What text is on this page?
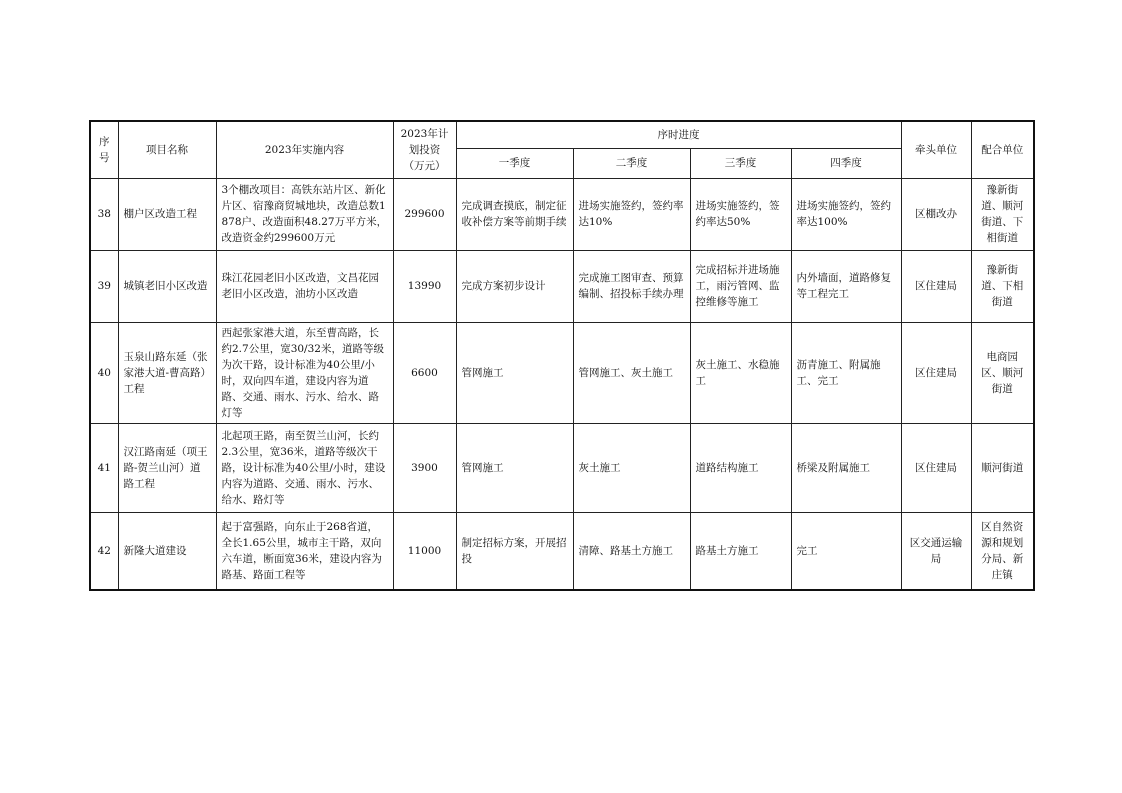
序号	项目名称	2023年实施内容	2023年计划投资（万元）	序时进度				牵头单位	配合单位
				一季度	二季度	三季度	四季度		
38	棚户区改造工程	3个棚改项目：高铁东站片区、新化片区、宿豫商贸城地块，改造总数1878户、改造面积48.27万平方米，改造资金约299600万元	299600	完成调查摸底，制定征收补偿方案等前期手续	进场实施签约，签约率达10%	进场实施签约，签约率达50%	进场实施签约，签约率达100%	区棚改办	豫新街道、顺河街道、下相街道
39	城镇老旧小区改造	珠江花园老旧小区改造，文昌花园老旧小区改造，油坊小区改造	13990	完成方案初步设计	完成施工图审查、预算编制、招投标手续办理	完成招标并进场施工，雨污管网、监控维修等施工	内外墙面，道路修复等工程完工	区住建局	豫新街道、下相街道
40	玉泉山路东延（张家港大道-曹高路）工程	西起张家港大道，东至曹高路，长约2.7公里，宽30/32米，道路等级为次干路，设计标准为40公里/小时，双向四车道，建设内容为道路、交通、雨水、污水、给水、路灯等	6600	管网施工	管网施工、灰土施工	灰土施工、水稳施工	沥青施工、附属施工、完工	区住建局	电商园区、顺河街道
41	汉江路南延（项王路-贺兰山河）道路工程	北起项王路，南至贺兰山河，长约2.3公里，宽36米，道路等级次干路，设计标准为40公里/小时，建设内容为道路、交通、雨水、污水、给水、路灯等	3900	管网施工	灰土施工	道路结构施工	桥梁及附属施工	区住建局	顺河街道
42	新隆大道建设	起于富强路，向东止于268省道，全长1.65公里，城市主干路，双向六车道，断面宽36米，建设内容为路基、路面工程等	11000	制定招标方案，开展招投	清障、路基土方施工	路基土方施工	完工	区交通运输局	区自然资源和规划分局、新庄镇
